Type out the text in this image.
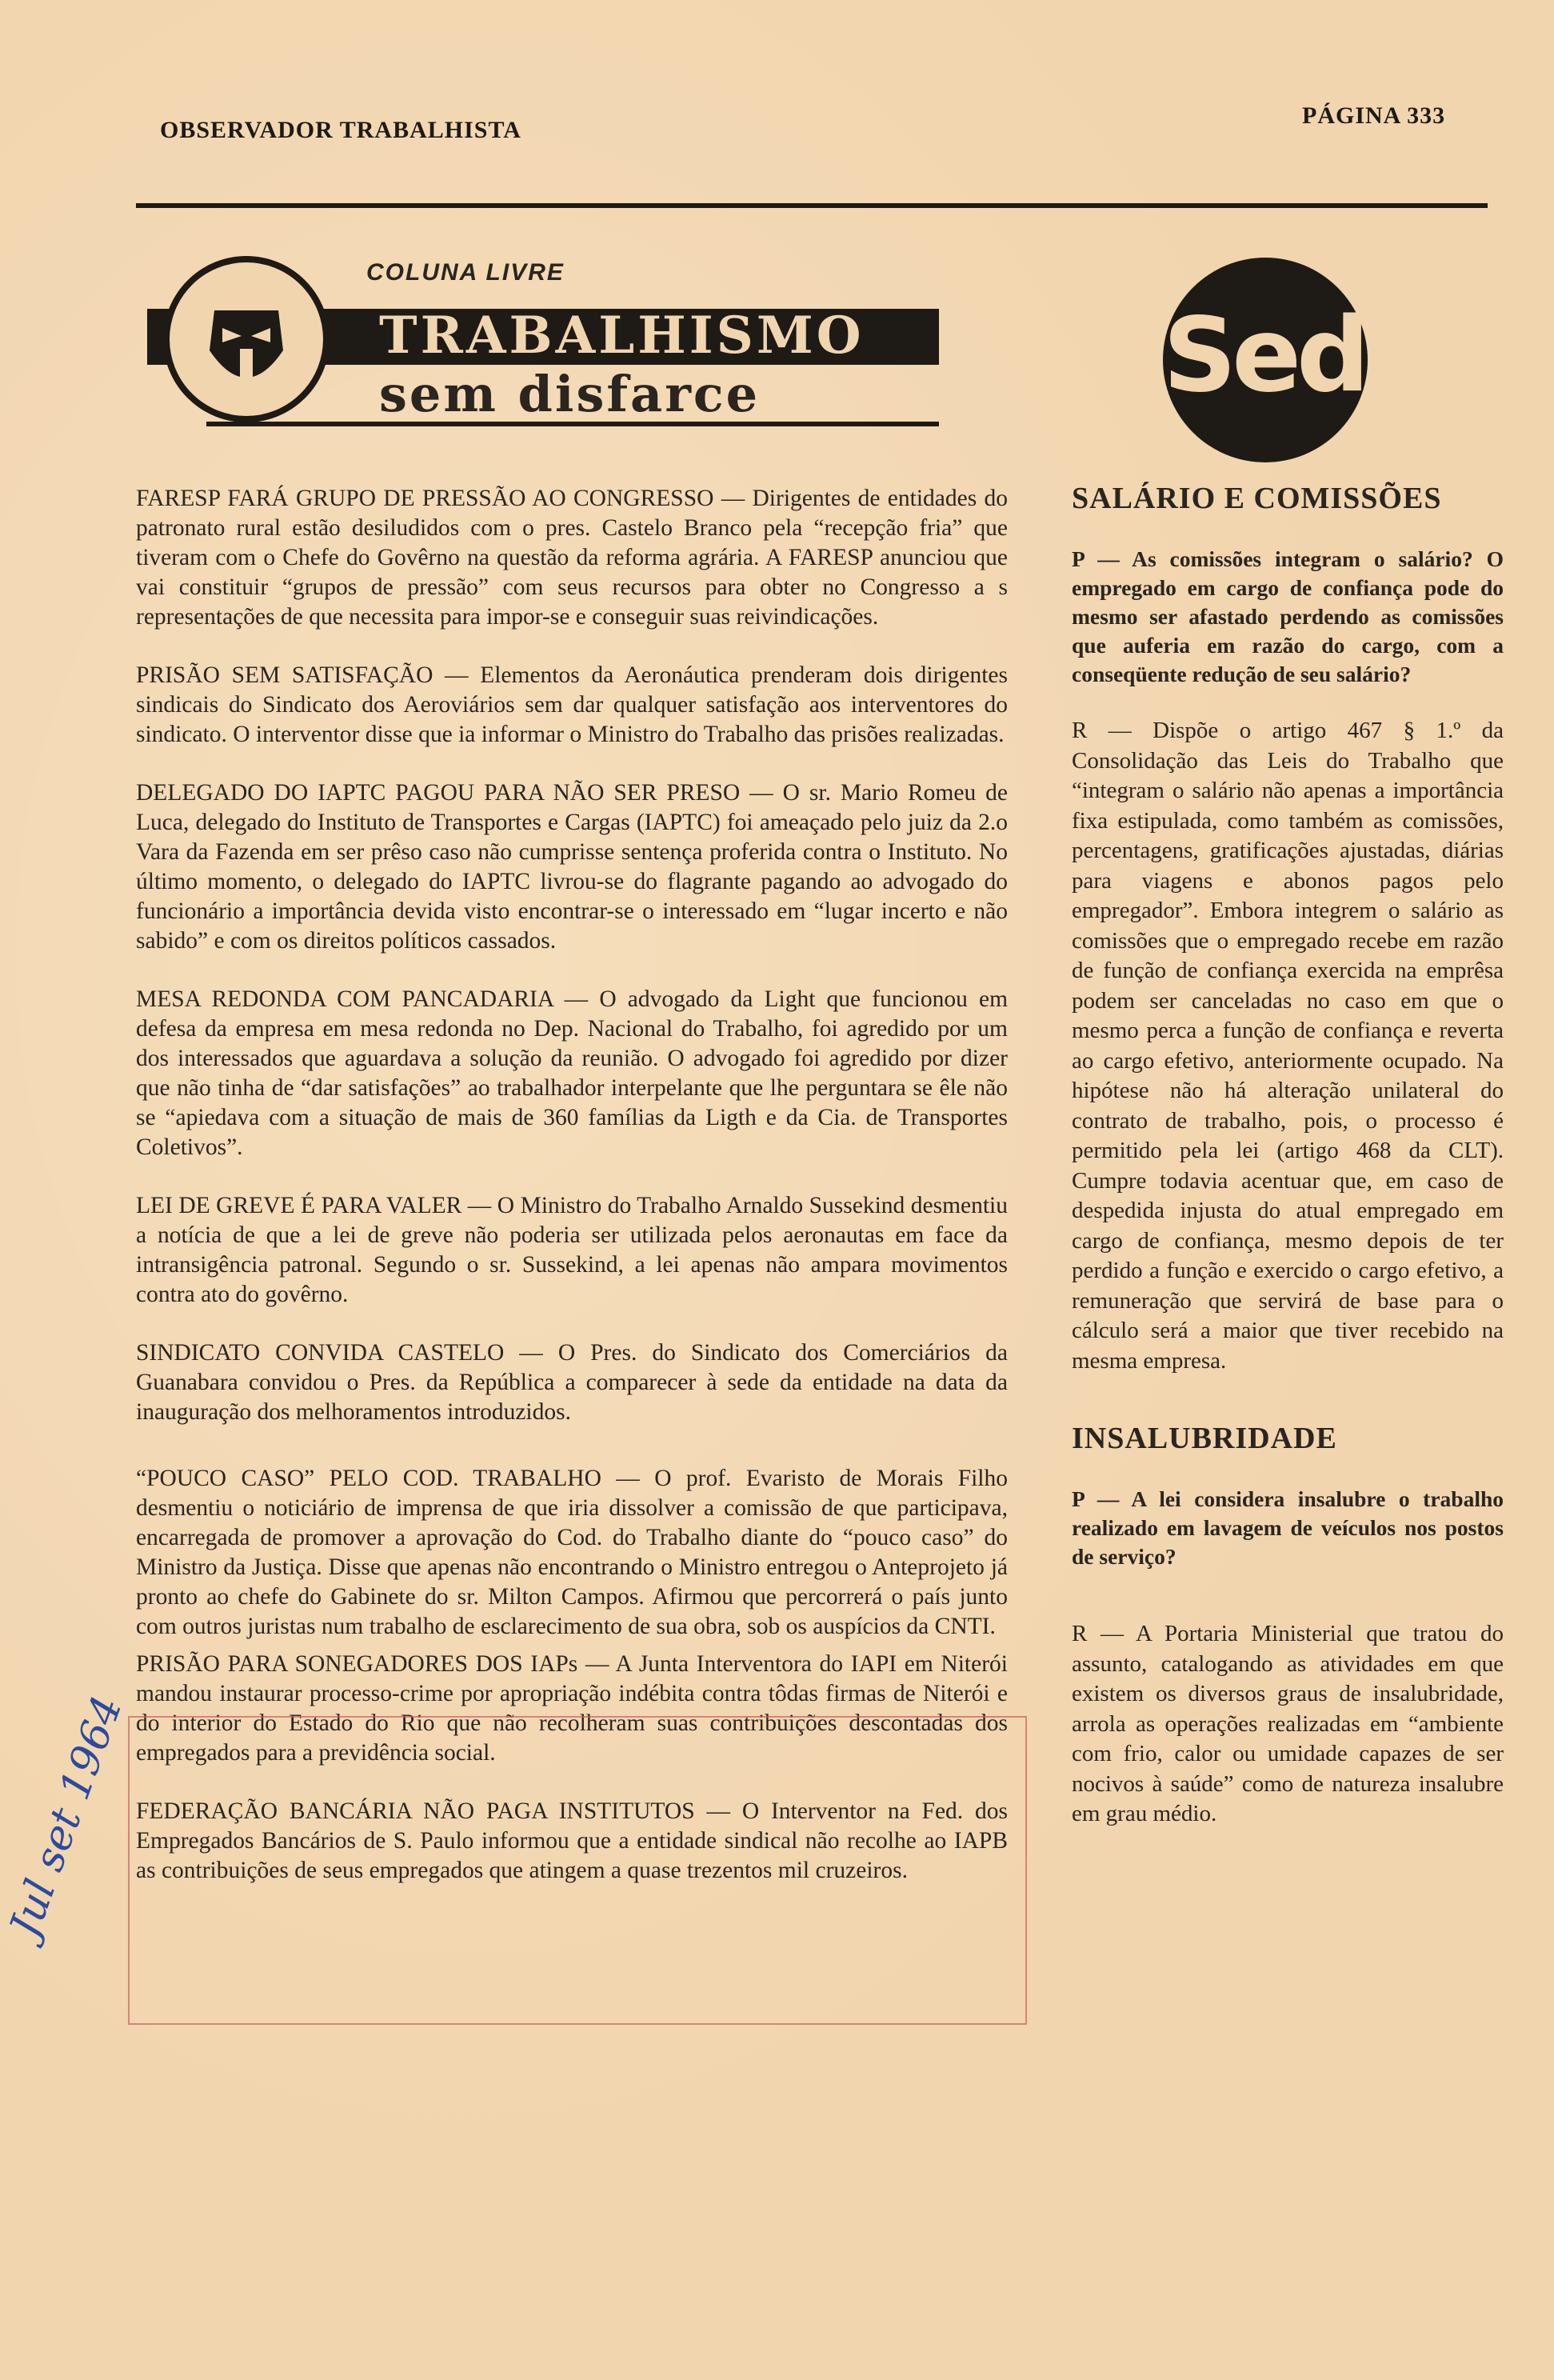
OBSERVADOR TRABALHISTA
PÁGINA 333
COLUNA LIVRE
TRABALHISMO
sem disfarce	Sedot
FARESP FARÁ GRUPO DE PRESSÃO AO CONGRESSO — Dirigentes de entidades do patronato rural estão desiludidos com o pres. Castelo Branco pela “recepção fria” que tiveram com o Chefe do Govêrno na questão da reforma agrária. A FARESP anunciou que vai constituir “grupos de pressão” com seus recursos para obter no Congresso a s representações de que necessita para impor-se e conseguir suas reivindicações.
PRISÃO SEM SATISFAÇÃO — Elementos da Aeronáutica prenderam dois dirigentes sindicais do Sindicato dos Aeroviários sem dar qualquer satisfação aos interventores do sindicato. O interventor disse que ia informar o Ministro do Trabalho das prisões realizadas.
DELEGADO DO IAPTC PAGOU PARA NÃO SER PRESO — O sr. Mario Romeu de Luca, delegado do Instituto de Transportes e Cargas (IAPTC) foi ameaçado pelo juiz da 2.o Vara da Fazenda em ser prêso caso não cumprisse sentença proferida contra o Instituto. No último momento, o delegado do IAPTC livrou-se do flagrante pagando ao advogado do funcionário a importância devida visto encontrar-se o interessado em “lugar incerto e não sabido” e com os direitos políticos cassados.
MESA REDONDA COM PANCADARIA — O advogado da Light que funcionou em defesa da empresa em mesa redonda no Dep. Nacional do Trabalho, foi agredido por um dos interessados que aguardava a solução da reunião. O advogado foi agredido por dizer que não tinha de “dar satisfações” ao trabalhador interpelante que lhe perguntara se êle não se “apiedava com a situação de mais de 360 famílias da Ligth e da Cia. de Transportes Coletivos”.
LEI DE GREVE É PARA VALER — O Ministro do Trabalho Arnaldo Sussekind desmentiu a notícia de que a lei de greve não poderia ser utilizada pelos aeronautas em face da intransigência patronal. Segundo o sr. Sussekind, a lei apenas não ampara movimentos contra ato do govêrno.
SINDICATO CONVIDA CASTELO — O Pres. do Sindicato dos Comerciários da Guanabara convidou o Pres. da República a comparecer à sede da entidade na data da inauguração dos melhoramentos introduzidos.
“POUCO CASO” PELO COD. TRABALHO — O prof. Evaristo de Morais Filho desmentiu o noticiário de imprensa de que iria dissolver a comissão de que participava, encarregada de promover a aprovação do Cod. do Trabalho diante do “pouco caso” do Ministro da Justiça. Disse que apenas não encontrando o Ministro entregou o Anteprojeto já pronto ao chefe do Gabinete do sr. Milton Campos. Afirmou que percorrerá o país junto com outros juristas num trabalho de esclarecimento de sua obra, sob os auspícios da CNTI.
PRISÃO PARA SONEGADORES DOS IAPs — A Junta Interventora do IAPI em Niterói mandou instaurar processo-crime por apropriação indébita contra tôdas firmas de Niterói e do interior do Estado do Rio que não recolheram suas contribuições descontadas dos empregados para a previdência social.
FEDERAÇÃO BANCÁRIA NÃO PAGA INSTITUTOS — O Interventor na Fed. dos Empregados Bancários de S. Paulo informou que a entidade sindical não recolhe ao IAPB as contribuições de seus empregados que atingem a quase trezentos mil cruzeiros.
Jul set 1964
SALÁRIO E COMISSÕES
P — As comissões integram o salário? O empregado em cargo de confiança pode do mesmo ser afastado perdendo as comissões que auferia em razão do cargo, com a conseqüente redução de seu salário?
R — Dispõe o artigo 467 § 1.º da Consolidação das Leis do Trabalho que “integram o salário não apenas a importância fixa estipulada, como também as comissões, percentagens, gratificações ajustadas, diárias para viagens e abonos pagos pelo empregador”. Embora integrem o salário as comissões que o empregado recebe em razão de função de confiança exercida na emprêsa podem ser canceladas no caso em que o mesmo perca a função de confiança e reverta ao cargo efetivo, anteriormente ocupado. Na hipótese não há alteração unilateral do contrato de trabalho, pois, o processo é permitido pela lei (artigo 468 da CLT). Cumpre todavia acentuar que, em caso de despedida injusta do atual empregado em cargo de confiança, mesmo depois de ter perdido a função e exercido o cargo efetivo, a remuneração que servirá de base para o cálculo será a maior que tiver recebido na mesma empresa.
INSALUBRIDADE
P — A lei considera insalubre o trabalho realizado em lavagem de veículos nos postos de serviço?
R — A Portaria Ministerial que tratou do assunto, catalogando as atividades em que existem os diversos graus de insalubridade, arrola as operações realizadas em “ambiente com frio, calor ou umidade capazes de ser nocivos à saúde” como de natureza insalubre em grau médio.
